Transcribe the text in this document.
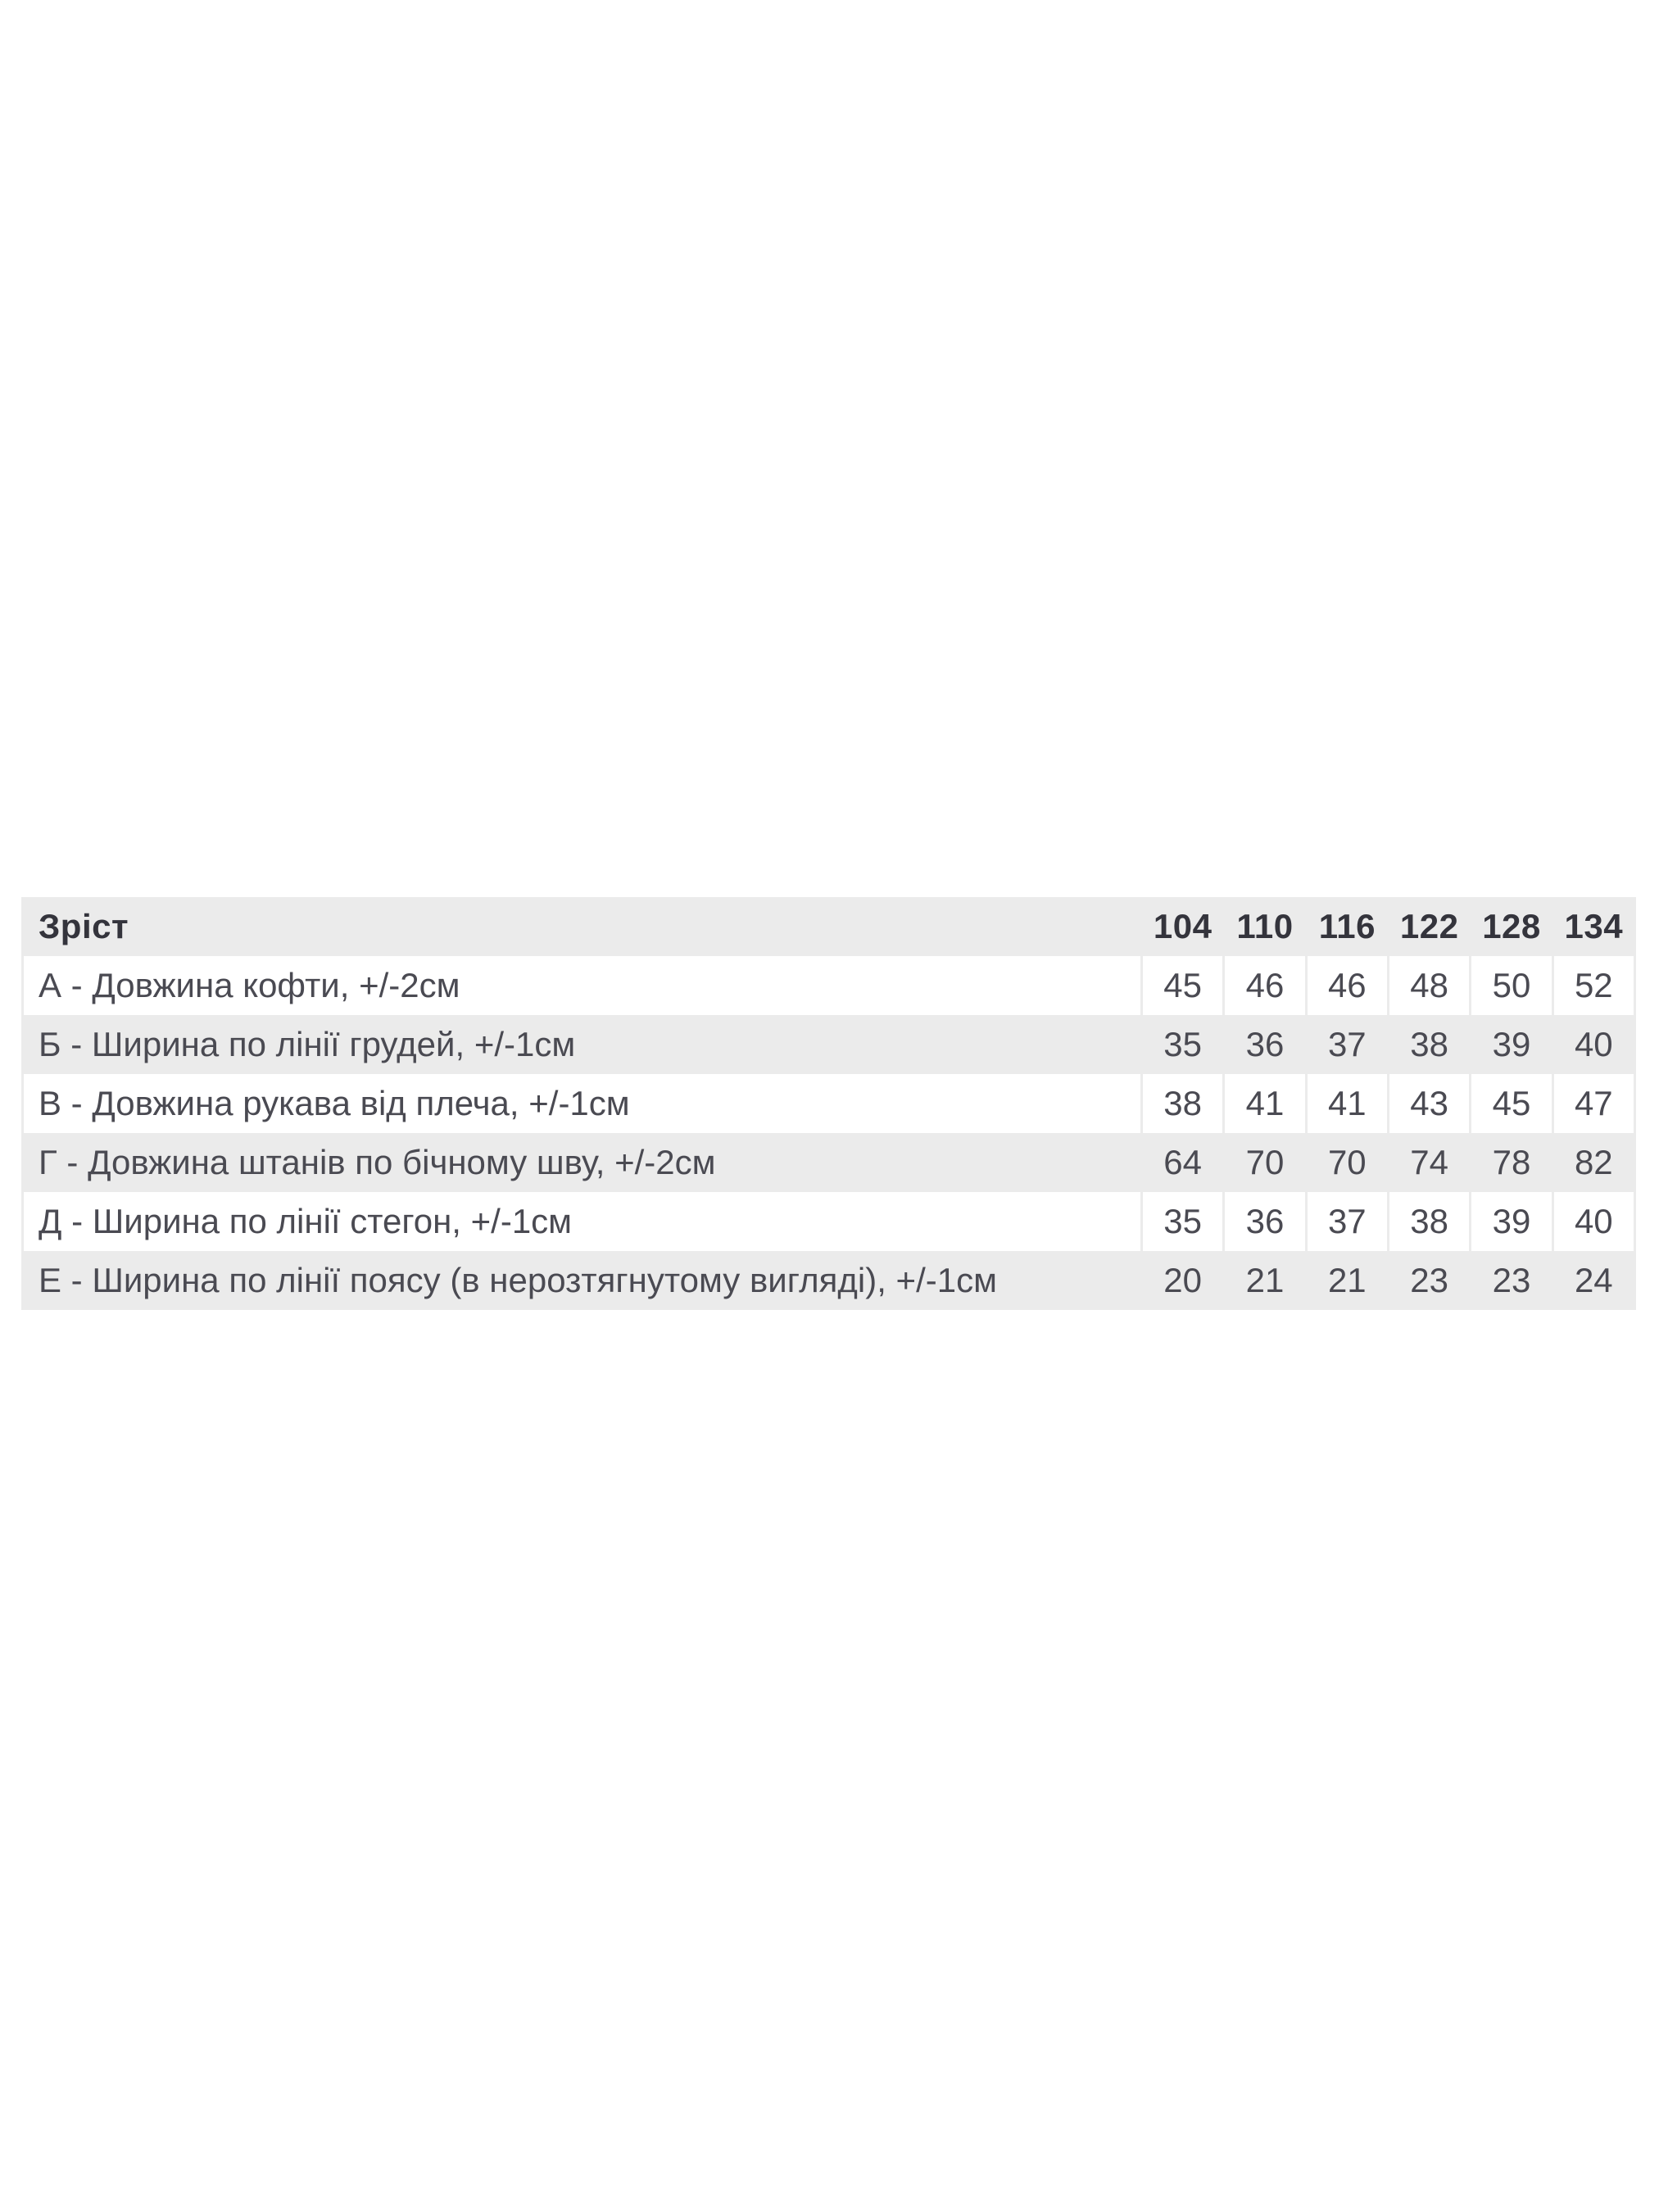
Зріст	104	110	116	122	128	134
А - Довжина кофти, +/-2см	45	46	46	48	50	52
Б - Ширина по лінії грудей, +/-1см	35	36	37	38	39	40
В - Довжина рукава від плеча, +/-1см	38	41	41	43	45	47
Г - Довжина штанів по бічному шву, +/-2см	64	70	70	74	78	82
Д - Ширина по лінії стегон, +/-1см	35	36	37	38	39	40
Е - Ширина по лінії поясу (в нерозтягнутому вигляді), +/-1см	20	21	21	23	23	24
